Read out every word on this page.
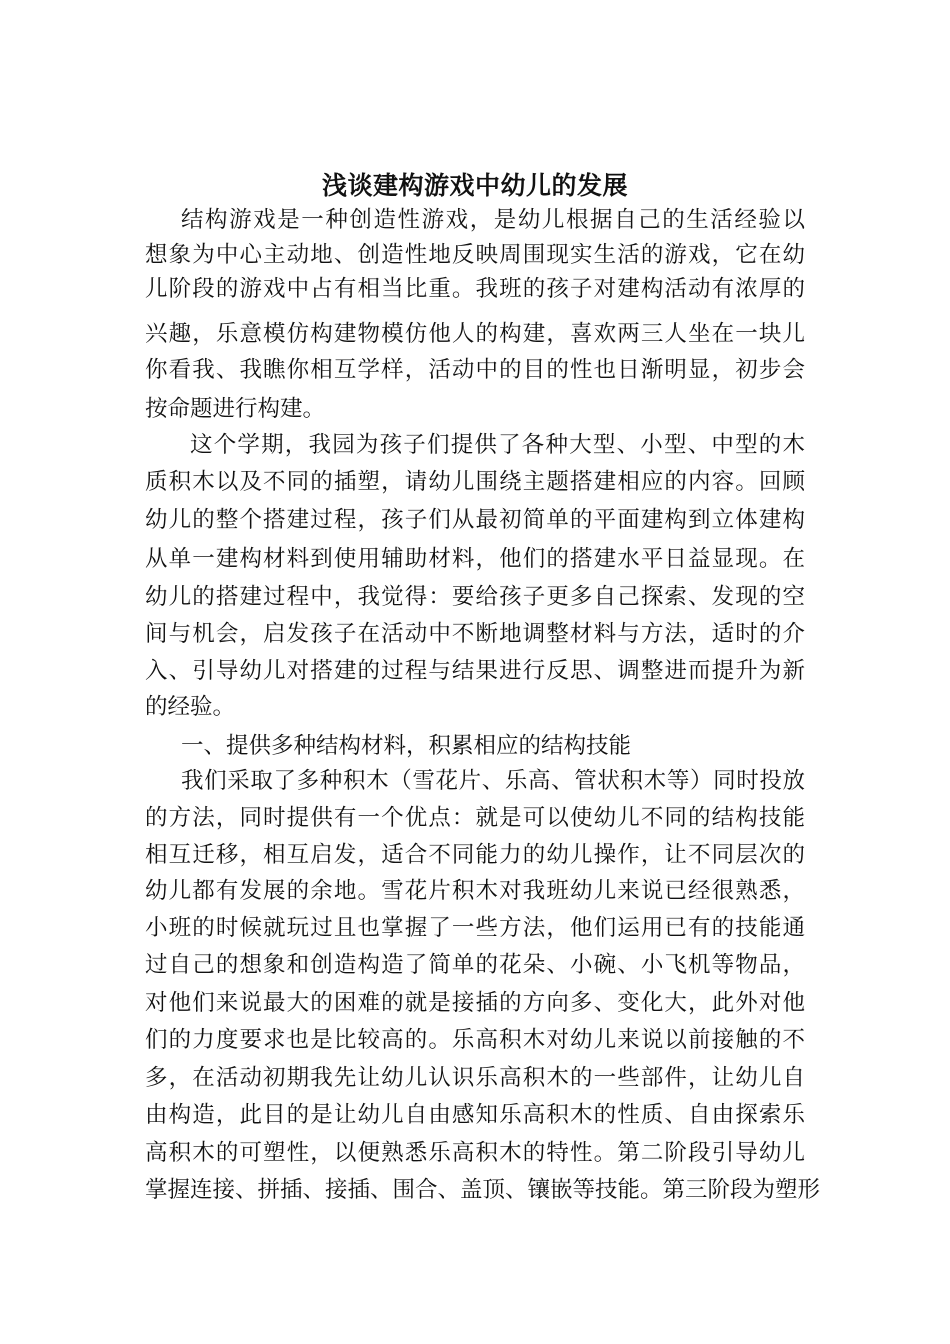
浅谈建构游戏中幼儿的发展
结构游戏是一种创造性游戏，是幼儿根据自己的生活经验以
想象为中心主动地、创造性地反映周围现实生活的游戏，它在幼
儿阶段的游戏中占有相当比重。我班的孩子对建构活动有浓厚的
兴趣，乐意模仿构建物模仿他人的构建，喜欢两三人坐在一块儿
你看我、我瞧你相互学样，活动中的目的性也日渐明显，初步会
按命题进行构建。
这个学期，我园为孩子们提供了各种大型、小型、中型的木
质积木以及不同的插塑，请幼儿围绕主题搭建相应的内容。回顾
幼儿的整个搭建过程，孩子们从最初简单的平面建构到立体建构
从单一建构材料到使用辅助材料，他们的搭建水平日益显现。在
幼儿的搭建过程中，我觉得：要给孩子更多自己探索、发现的空
间与机会，启发孩子在活动中不断地调整材料与方法，适时的介
入、引导幼儿对搭建的过程与结果进行反思、调整进而提升为新
的经验。
一、提供多种结构材料，积累相应的结构技能
我们采取了多种积木（雪花片、乐高、管状积木等）同时投放
的方法，同时提供有一个优点：就是可以使幼儿不同的结构技能
相互迁移，相互启发，适合不同能力的幼儿操作，让不同层次的
幼儿都有发展的余地。雪花片积木对我班幼儿来说已经很熟悉，
小班的时候就玩过且也掌握了一些方法，他们运用已有的技能通
过自己的想象和创造构造了简单的花朵、小碗、小飞机等物品，
对他们来说最大的困难的就是接插的方向多、变化大，此外对他
们的力度要求也是比较高的。乐高积木对幼儿来说以前接触的不
多，在活动初期我先让幼儿认识乐高积木的一些部件，让幼儿自
由构造，此目的是让幼儿自由感知乐高积木的性质、自由探索乐
高积木的可塑性，以便熟悉乐高积木的特性。第二阶段引导幼儿
掌握连接、拼插、接插、围合、盖顶、镶嵌等技能。第三阶段为塑形
